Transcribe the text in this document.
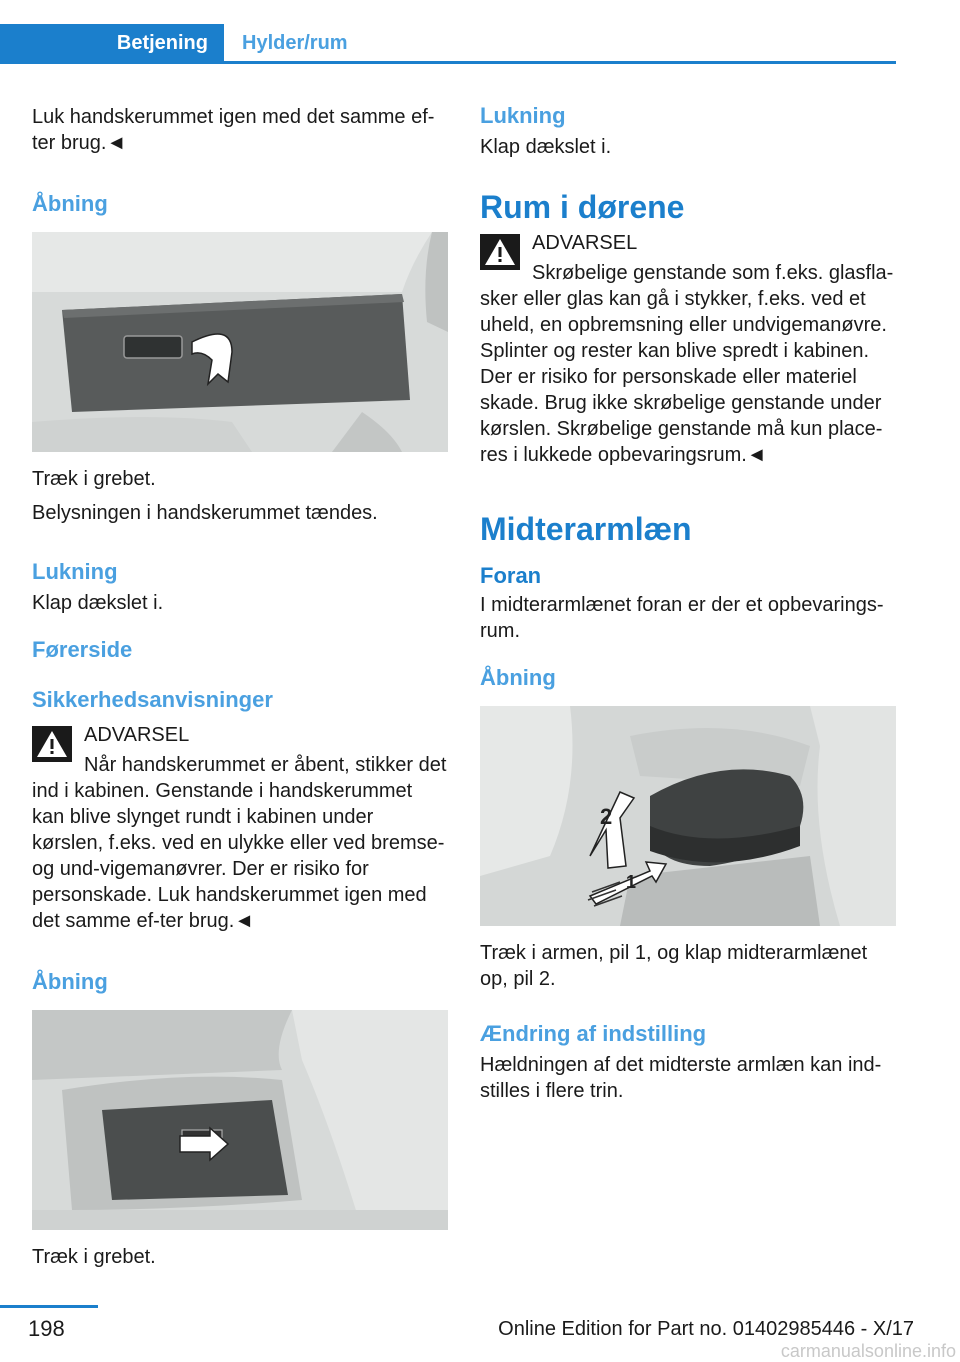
Betjening	Hylder/rum

Luk handskerummet igen med det samme ef‐ter brug.◄

Åbning

Træk i grebet.

Belysningen i handskerummet tændes.

Lukning

Klap dækslet i.

Førerside
Sikkerhedsanvisninger
ADVARSEL

Når handskerummet er åbent, stikker det ind i kabinen. Genstande i handskerummet kan blive slynget rundt i kabinen under kørslen, f.eks. ved en ulykke eller ved bremse- og und‐vigemanøvrer. Der er risiko for personskade. Luk handskerummet igen med det samme ef‐ter brug.◄

Åbning

Træk i grebet.

Lukning

Klap dækslet i.

Rum i dørene
ADVARSEL

Skrøbelige genstande som f.eks. glasfla‐sker eller glas kan gå i stykker, f.eks. ved et uheld, en opbremsning eller undvigemanøvre. Splinter og rester kan blive spredt i kabinen. Der er risiko for personskade eller materiel skade. Brug ikke skrøbelige genstande under kørslen. Skrøbelige genstande må kun place‐res i lukkede opbevaringsrum.◄

Midterarmlæn
Foran

I midterarmlænet foran er der et opbevarings‐rum.

Åbning
2
1

Træk i armen, pil 1, og klap midterarmlænet op, pil 2.

Ændring af indstilling

Hældningen af det midterste armlæn kan ind‐stilles i flere trin.

198	Online Edition for Part no. 01402985446 - X/17
carmanualsonline.info
